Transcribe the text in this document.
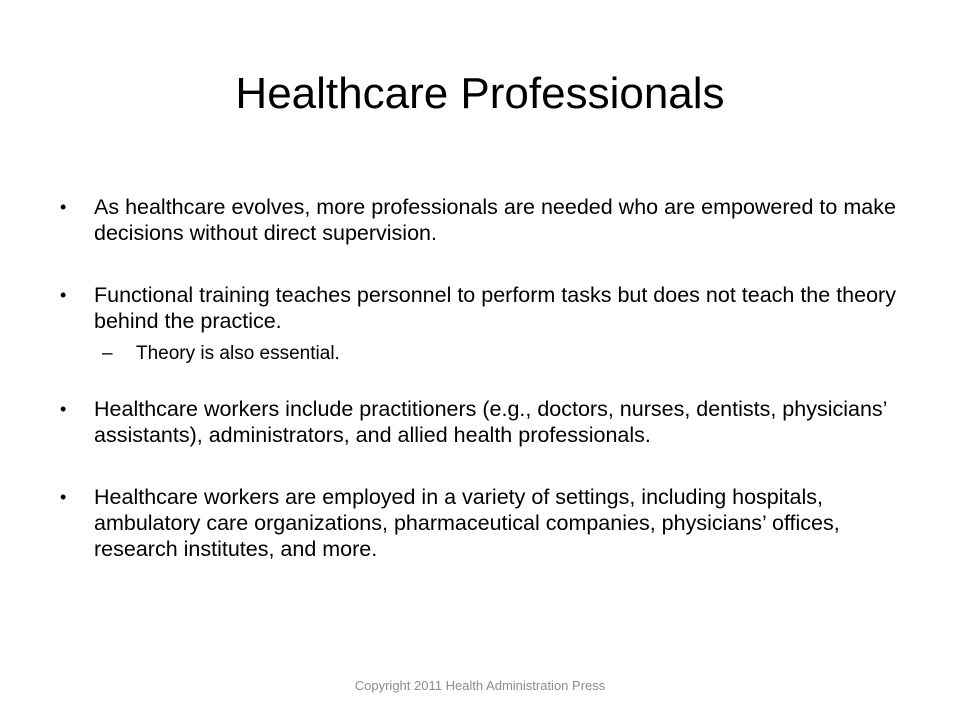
Healthcare Professionals
•	As healthcare evolves, more professionals are needed who are empowered to make decisions without direct supervision.
•	Functional training teaches personnel to perform tasks but does not teach the theory behind the practice.
–	Theory is also essential.
•	Healthcare workers include practitioners (e.g., doctors, nurses, dentists, physicians’ assistants), administrators, and allied health professionals.
•	Healthcare workers are employed in a variety of settings, including hospitals, ambulatory care organizations, pharmaceutical companies, physicians’ offices, research institutes, and more.
Copyright 2011 Health Administration Press
